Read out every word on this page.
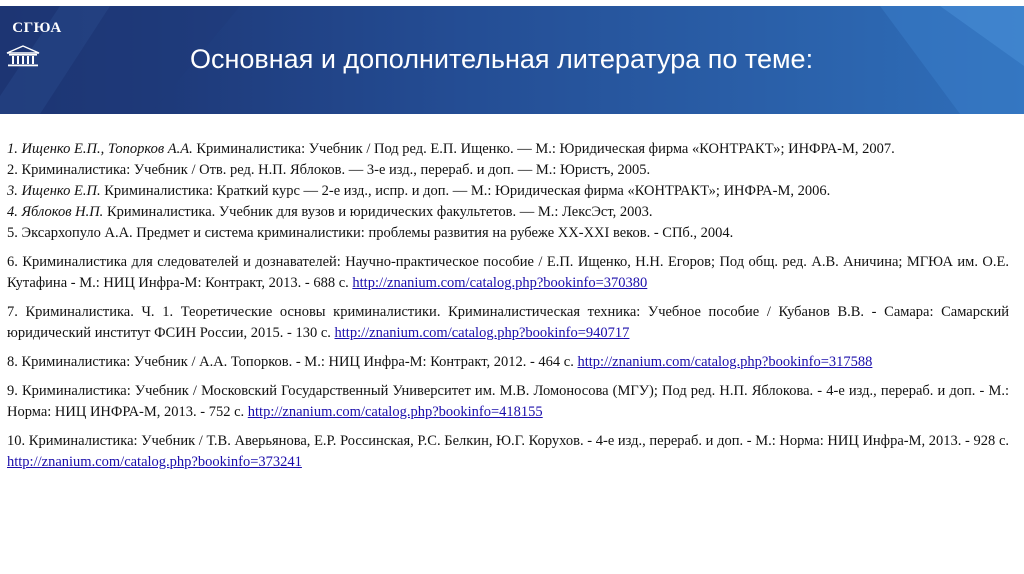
СГЮА
Основная и дополнительная литература по теме:

1. Ищенко Е.П., Топорков А.А. Криминалистика: Учебник / Под ред. Е.П. Ищенко. — М.: Юридическая фирма «КОНТРАКТ»; ИНФРА-М, 2007.

2. Криминалистика: Учебник / Отв. ред. Н.П. Яблоков. — 3-е изд., перераб. и доп. — М.: Юристъ, 2005.

3. Ищенко Е.П. Криминалистика: Краткий курс — 2-е изд., испр. и доп. — М.: Юридическая фирма «КОНТРАКТ»; ИНФРА-М, 2006.

4. Яблоков Н.П. Криминалистика. Учебник для вузов и юридических факультетов. — М.: ЛексЭст, 2003.

5. Эксархопуло А.А. Предмет и система криминалистики: проблемы развития на рубеже XX-XXI веков. - СПб., 2004.

6. Криминалистика для следователей и дознавателей: Научно-практическое пособие / Е.П. Ищенко, Н.Н. Егоров; Под общ. ред. А.В. Аничина; МГЮА им. О.Е. Кутафина - М.: НИЦ Инфра-М: Контракт, 2013. - 688 с. http://znanium.com/catalog.php?bookinfo=370380

7. Криминалистика. Ч. 1. Теоретические основы криминалистики. Криминалистическая техника: Учебное пособие / Кубанов В.В. - Самара: Самарский юридический институт ФСИН России, 2015. - 130 с. http://znanium.com/catalog.php?bookinfo=940717

8. Криминалистика: Учебник / А.А. Топорков. - М.: НИЦ Инфра-М: Контракт, 2012. - 464 с. http://znanium.com/catalog.php?bookinfo=317588

9. Криминалистика: Учебник / Московский Государственный Университет им. М.В. Ломоносова (МГУ); Под ред. Н.П. Яблокова. - 4-е изд., перераб. и доп. - М.: Норма: НИЦ ИНФРА-М, 2013. - 752 с. http://znanium.com/catalog.php?bookinfo=418155

10. Криминалистика: Учебник / Т.В. Аверьянова, Е.Р. Россинская, Р.С. Белкин, Ю.Г. Корухов. - 4-е изд., перераб. и доп. - М.: Норма: НИЦ Инфра-М, 2013. - 928 с. http://znanium.com/catalog.php?bookinfo=373241
